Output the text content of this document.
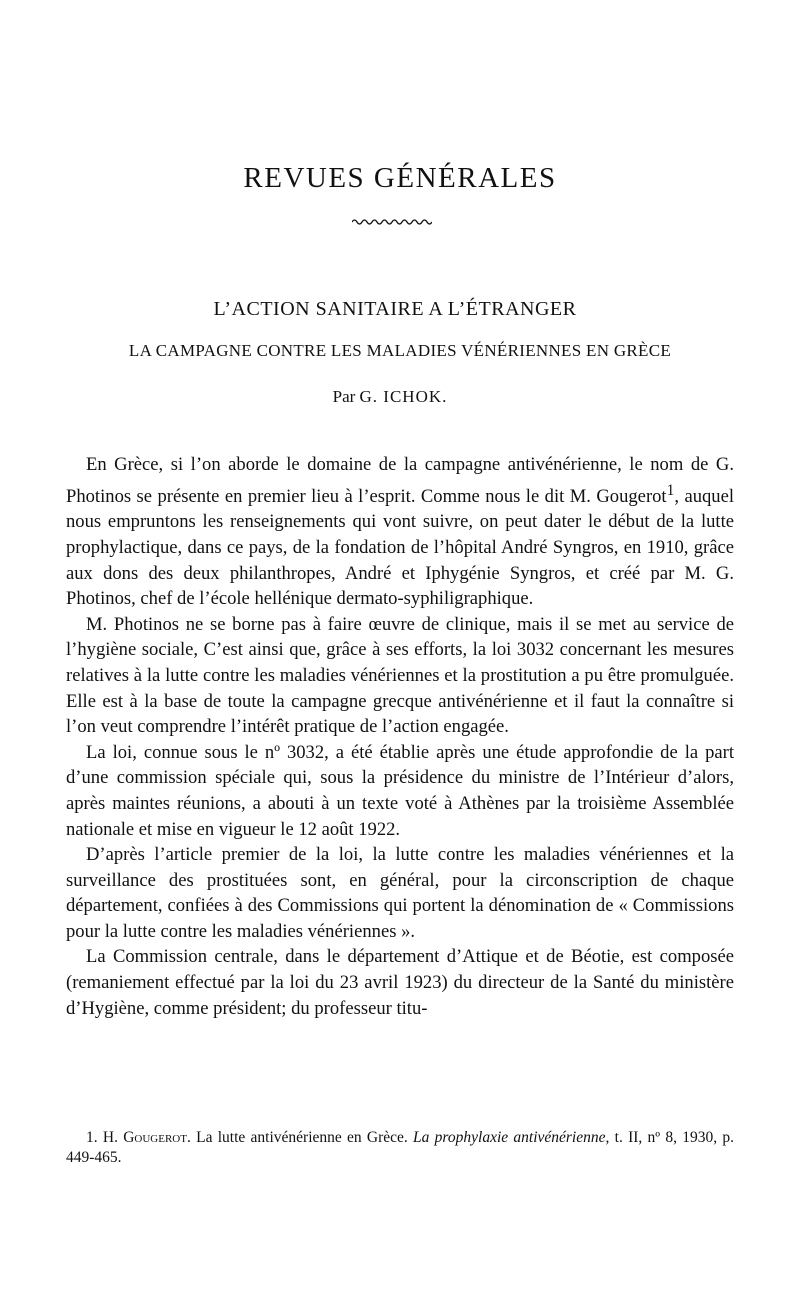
REVUES GÉNÉRALES
L’ACTION SANITAIRE A L’ÉTRANGER
LA CAMPAGNE CONTRE LES MALADIES VÉNÉRIENNES EN GRÈCE
Par G. ICHOK.

En Grèce, si l’on aborde le domaine de la campagne antivénérienne, le nom de G. Photinos se présente en premier lieu à l’esprit. Comme nous le dit M. Gougerot$^1$, auquel nous empruntons les renseignements qui vont suivre, on peut dater le début de la lutte prophylactique, dans ce pays, de la fondation de l’hôpital André Syngros, en 1910, grâce aux dons des deux philanthropes, André et Iphygénie Syngros, et créé par M. G. Photinos, chef de l’école hellénique dermato-syphiligraphique.

M. Photinos ne se borne pas à faire œuvre de clinique, mais il se met au service de l’hygiène sociale, C’est ainsi que, grâce à ses efforts, la loi 3032 concernant les mesures relatives à la lutte contre les maladies vénériennes et la prostitution a pu être promulguée. Elle est à la base de toute la campagne grecque antivénérienne et il faut la connaître si l’on veut comprendre l’intérêt pratique de l’action engagée.

La loi, connue sous le nº 3032, a été établie après une étude approfondie de la part d’une commission spéciale qui, sous la présidence du ministre de l’Intérieur d’alors, après maintes réunions, a abouti à un texte voté à Athènes par la troisième Assemblée nationale et mise en vigueur le 12 août 1922.

D’après l’article premier de la loi, la lutte contre les maladies vénériennes et la surveillance des prostituées sont, en général, pour la circonscription de chaque département, confiées à des Commissions qui portent la dénomination de « Commissions pour la lutte contre les maladies vénériennes ».

La Commission centrale, dans le département d’Attique et de Béotie, est composée (remaniement effectué par la loi du 23 avril 1923) du directeur de la Santé du ministère d’Hygiène, comme président; du professeur titu-

1. H. Gougerot. La lutte antivénérienne en Grèce. La prophylaxie antivénérienne, t. II, nº 8, 1930, p. 449-465.
